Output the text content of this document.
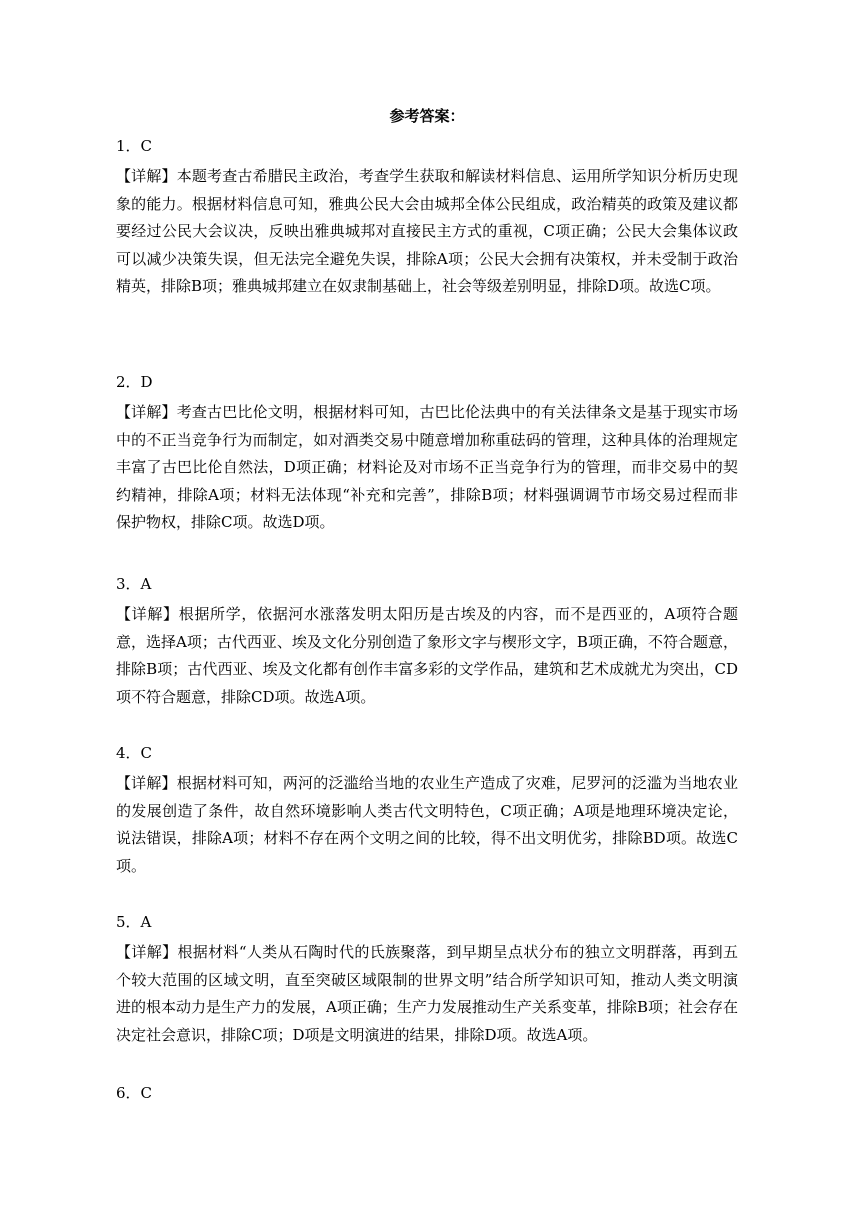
参考答案：
1．C

【详解】本题考查古希腊民主政治，考查学生获取和解读材料信息、运用所学知识分析历史现象的能力。根据材料信息可知，雅典公民大会由城邦全体公民组成，政治精英的政策及建议都要经过公民大会议决，反映出雅典城邦对直接民主方式的重视，C项正确；公民大会集体议政可以减少决策失误，但无法完全避免失误，排除A项；公民大会拥有决策权，并未受制于政治精英，排除B项；雅典城邦建立在奴隶制基础上，社会等级差别明显，排除D项。故选C项。

2．D

【详解】考查古巴比伦文明，根据材料可知，古巴比伦法典中的有关法律条文是基于现实市场中的不正当竞争行为而制定，如对酒类交易中随意增加称重砝码的管理，这种具体的治理规定丰富了古巴比伦自然法，D项正确；材料论及对市场不正当竞争行为的管理，而非交易中的契约精神，排除A项；材料无法体现“补充和完善”，排除B项；材料强调调节市场交易过程而非保护物权，排除C项。故选D项。

3．A

【详解】根据所学，依据河水涨落发明太阳历是古埃及的内容，而不是西亚的，A项符合题意，选择A项；古代西亚、埃及文化分别创造了象形文字与楔形文字，B项正确，不符合题意，排除B项；古代西亚、埃及文化都有创作丰富多彩的文学作品，建筑和艺术成就尤为突出，CD项不符合题意，排除CD项。故选A项。

4．C

【详解】根据材料可知，两河的泛滥给当地的农业生产造成了灾难，尼罗河的泛滥为当地农业的发展创造了条件，故自然环境影响人类古代文明特色，C项正确；A项是地理环境决定论，说法错误，排除A项；材料不存在两个文明之间的比较，得不出文明优劣，排除BD项。故选C项。

5．A

【详解】根据材料“人类从石陶时代的氏族聚落，到早期呈点状分布的独立文明群落，再到五个较大范围的区域文明，直至突破区域限制的世界文明”结合所学知识可知，推动人类文明演进的根本动力是生产力的发展，A项正确；生产力发展推动生产关系变革，排除B项；社会存在决定社会意识，排除C项；D项是文明演进的结果，排除D项。故选A项。

6．C
